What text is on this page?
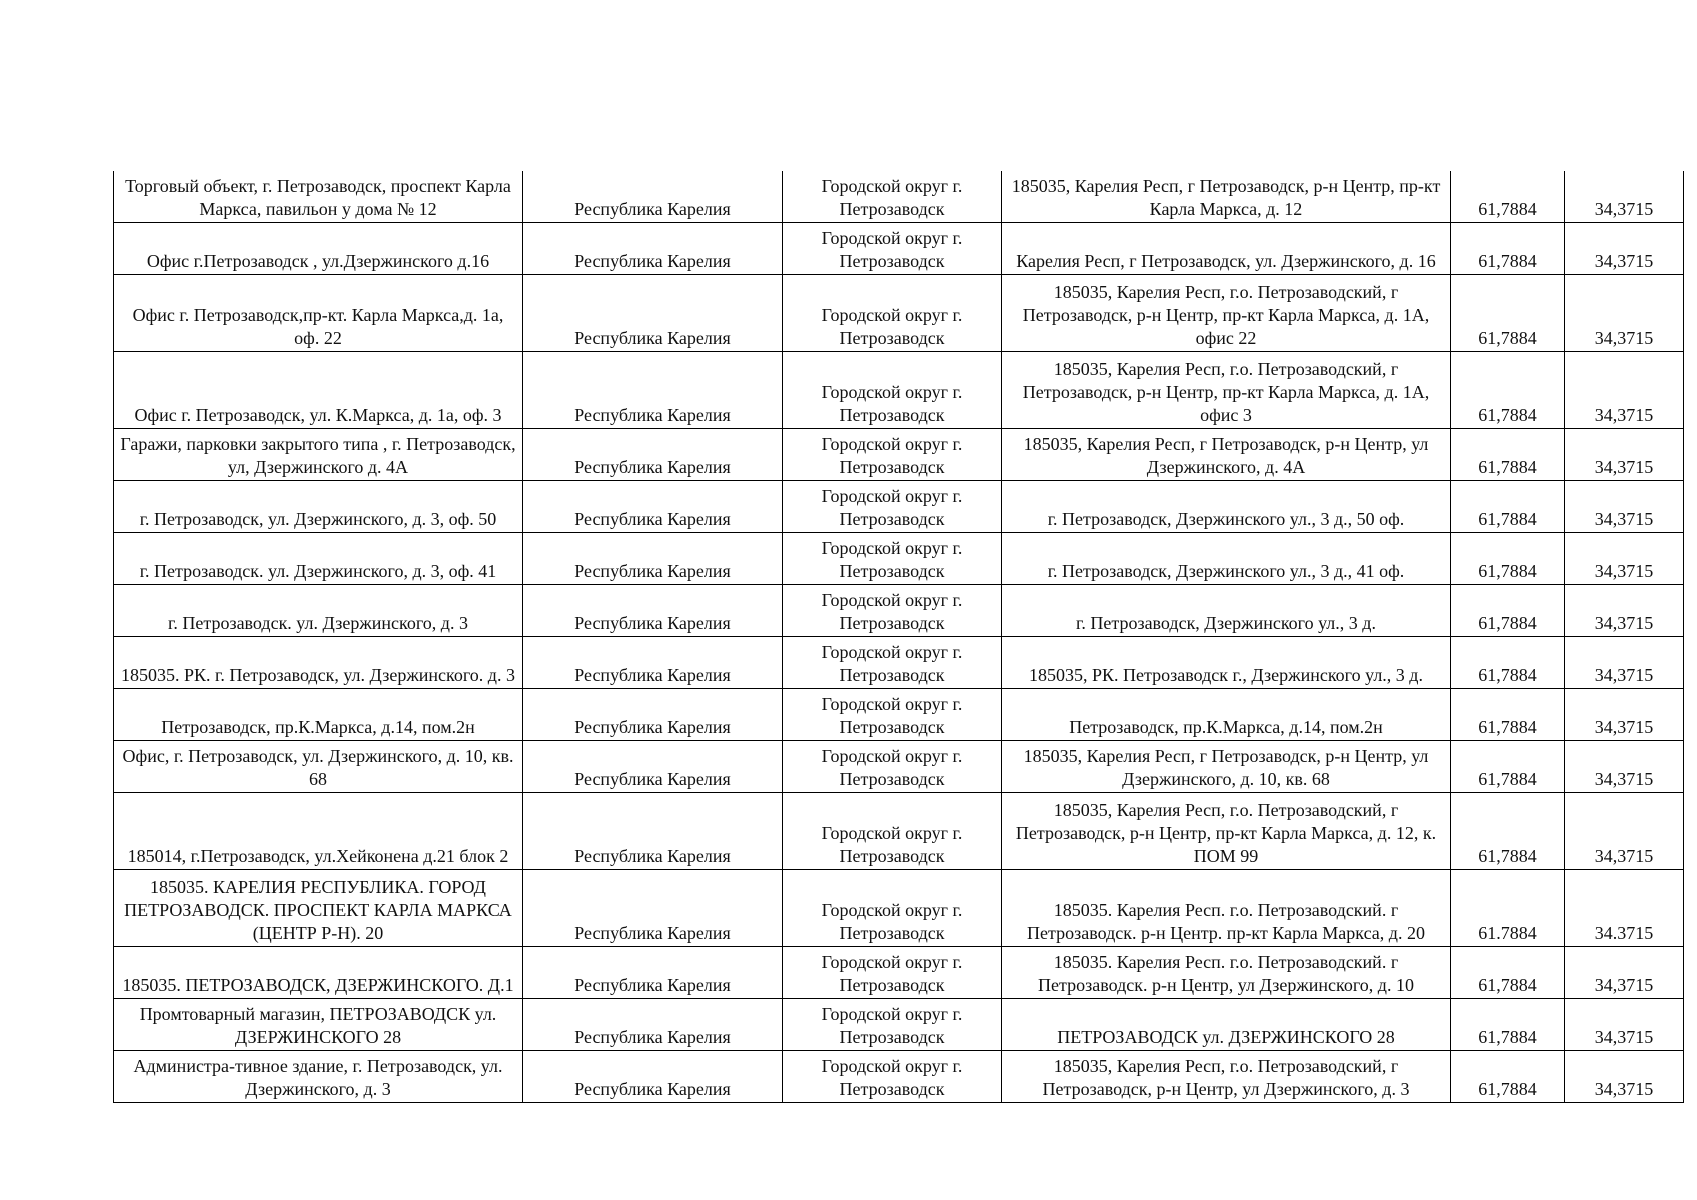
Торговый объект, г. Петрозаводск, проспект Карла Маркса, павильон у дома № 12	Республика Карелия	Городской округ г. Петрозаводск	185035, Карелия Респ, г Петрозаводск, р-н Центр, пр-кт Карла Маркса, д. 12	61,7884	34,3715
Офис г.Петрозаводск , ул.Дзержинского д.16	Республика Карелия	Городской округ г. Петрозаводск	Карелия Респ, г Петрозаводск, ул. Дзержинского, д. 16	61,7884	34,3715
Офис г. Петрозаводск,пр-кт. Карла Маркса,д. 1а, оф. 22	Республика Карелия	Городской округ г. Петрозаводск	185035, Карелия Респ, г.о. Петрозаводский, г Петрозаводск, р-н Центр, пр-кт Карла Маркса, д. 1А, офис 22	61,7884	34,3715
Офис г. Петрозаводск, ул. К.Маркса, д. 1а, оф. 3	Республика Карелия	Городской округ г. Петрозаводск	185035, Карелия Респ, г.о. Петрозаводский, г Петрозаводск, р-н Центр, пр-кт Карла Маркса, д. 1А, офис 3	61,7884	34,3715
Гаражи, парковки закрытого типа , г. Петрозаводск, ул, Дзержинского д. 4А	Республика Карелия	Городской округ г. Петрозаводск	185035, Карелия Респ, г Петрозаводск, р-н Центр, ул Дзержинского, д. 4А	61,7884	34,3715
г. Петрозаводск, ул. Дзержинского, д. 3, оф. 50	Республика Карелия	Городской округ г. Петрозаводск	г. Петрозаводск, Дзержинского ул., 3 д., 50 оф.	61,7884	34,3715
г. Петрозаводск. ул. Дзержинского, д. 3, оф. 41	Республика Карелия	Городской округ г. Петрозаводск	г. Петрозаводск, Дзержинского ул., 3 д., 41 оф.	61,7884	34,3715
г. Петрозаводск. ул. Дзержинского, д. 3	Республика Карелия	Городской округ г. Петрозаводск	г. Петрозаводск, Дзержинского ул., 3 д.	61,7884	34,3715
185035. РК. г. Петрозаводск, ул. Дзержинского. д. 3	Республика Карелия	Городской округ г. Петрозаводск	185035, РК. Петрозаводск г., Дзержинского ул., 3 д.	61,7884	34,3715
Петрозаводск, пр.К.Маркса, д.14, пом.2н	Республика Карелия	Городской округ г. Петрозаводск	Петрозаводск, пр.К.Маркса, д.14, пом.2н	61,7884	34,3715
Офис, г. Петрозаводск, ул. Дзержинского, д. 10, кв. 68	Республика Карелия	Городской округ г. Петрозаводск	185035, Карелия Респ, г Петрозаводск, р-н Центр, ул Дзержинского, д. 10, кв. 68	61,7884	34,3715
185014, г.Петрозаводск, ул.Хейконена д.21 блок 2	Республика Карелия	Городской округ г. Петрозаводск	185035, Карелия Респ, г.о. Петрозаводский, г Петрозаводск, р-н Центр, пр-кт Карла Маркса, д. 12, к. ПОМ 99	61,7884	34,3715
185035. КАРЕЛИЯ РЕСПУБЛИКА. ГОРОД ПЕТРОЗАВОДСК. ПРОСПЕКТ КАРЛА МАРКСА (ЦЕНТР Р-Н). 20	Республика Карелия	Городской округ г. Петрозаводск	185035. Карелия Респ. г.о. Петрозаводский. г Петрозаводск. р-н Центр. пр-кт Карла Маркса, д. 20	61.7884	34.3715
185035. ПЕТРОЗАВОДСК, ДЗЕРЖИНСКОГО. Д.1	Республика Карелия	Городской округ г. Петрозаводск	185035. Карелия Респ. г.о. Петрозаводский. г Петрозаводск. р-н Центр, ул Дзержинского, д. 10	61,7884	34,3715
Промтоварный магазин, ПЕТРОЗАВОДСК ул. ДЗЕРЖИНСКОГО 28	Республика Карелия	Городской округ г. Петрозаводск	ПЕТРОЗАВОДСК ул. ДЗЕРЖИНСКОГО 28	61,7884	34,3715
Администра-тивное здание, г. Петрозаводск, ул. Дзержинского, д. 3	Республика Карелия	Городской округ г. Петрозаводск	185035, Карелия Респ, г.о. Петрозаводский, г Петрозаводск, р-н Центр, ул Дзержинского, д. 3	61,7884	34,3715
